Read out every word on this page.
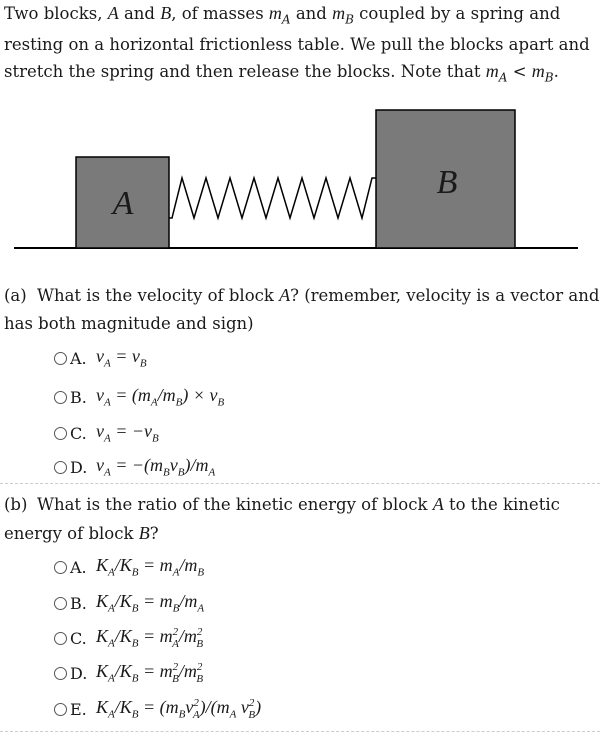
Two blocks, A and B, of masses $m_A$ and $m_B$ coupled by a spring and resting on a horizontal frictionless table. We pull the blocks apart and stretch the spring and then release the blocks. Note that $m_A < m_B$.
A
B
(a) What is the velocity of block A? (remember, velocity is a vector and has both magnitude and sign)
A. $v_A = v_B$
B. $v_A = (m_A/m_B) \times v_B$
C. $v_A = -v_B$
D. $v_A = -(m_Bv_B)/m_A$
(b) What is the ratio of the kinetic energy of block A to the kinetic energy of block B?
A. $K_A/K_B = m_A/m_B$
B. $K_A/K_B = m_B/m_A$
C. $K_A/K_B = m^2_A/m^2_B$
D. $K_A/K_B = m^2_B/m^2_B$
E. $K_A/K_B = (m_Bv^2_A)/(m_A$ $v^2_B$)
